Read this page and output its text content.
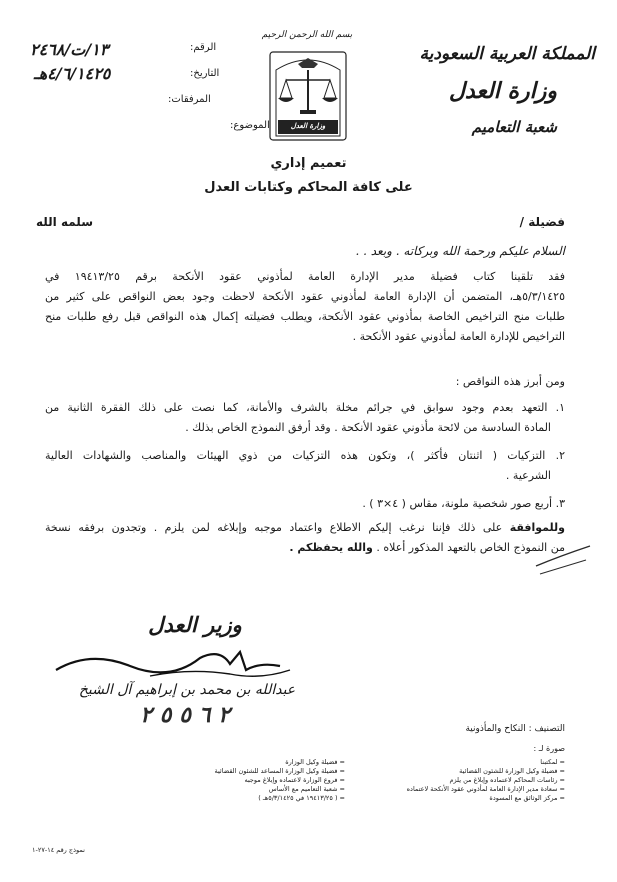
بسم الله الرحمن الرحيم

المملكة العربية السعودية

وزارة العدل

شعبة التعاميم

وزارة العدل

الرقم:

١٣/ت/٢٤٦٨

التاريخ:

٤/٦/١٤٢٥هـ

المرفقات:

الموضوع:

تعميم إداري

على كافة المحاكم وكتابات العدل

فضيلة /

سلمه الله

السلام عليكم ورحمة الله وبركاته . وبعد . .

فقد تلقينا كتاب فضيلة مدير الإدارة العامة لمأذوني عقود الأنكحة برقم ١٩٤١٣/٢٥ في
٥/٣/١٤٢٥هـ، المتضمن أن الإدارة العامة لمأذوني عقود الأنكحة لاحظت وجود بعض النواقص على كثير من
طلبات منح التراخيص الخاصة بمأذوني عقود الأنكحة، ويطلب فضيلته إكمال هذه النواقص قبل رفع طلبات منح
التراخيص للإدارة العامة لمأذوني عقود الأنكحة .

ومن أبرز هذه النواقص :

١. التعهد بعدم وجود سوابق في جرائم مخلة بالشرف والأمانة، كما نصت على ذلك الفقرة الثانية من
المادة السادسة من لائحة مأذوني عقود الأنكحة . وقد أرفق النموذج الخاص بذلك .
٢. التزكيات ( اثنتان فأكثر )، وتكون هذه التزكيات من ذوي الهيئات والمناصب والشهادات العالية
الشرعية .
٣. أربع صور شخصية ملونة، مقاس ( ٤×٣ ) .
وللموافقة على ذلك فإننا نرغب إليكم الاطلاع واعتماد موجبه وإبلاغه لمن يلزم . وتجدون برفقه نسخة
من النموذج الخاص بالتعهد المذكور أعلاه . والله يحفظكم .

وزير العدل

عبدالله بن محمد بن إبراهيم آل الشيخ

٢ ٦ ٥ ٥ ٢

التصنيف : النكاح والمأذونية

صورة لـ :

= لمكتبنا
= فضيلة وكيل الوزارة للشئون القضائية
= رئاسات المحاكم لاعتماده وإبلاغ من يلزم
= سعادة مدير الإدارة العامة لمأذوني عقود الأنكحة لاعتماده
= مركز الوثائق مع المسودة
= فضيلة وكيل الوزارة
= فضيلة وكيل الوزارة المساعد للشئون القضائية
= فروع الوزارة لاعتماده وإبلاغ موجبه
= شعبة التعاميم مع الأساس
= ( ١٩٤١٣/٢٥ في ٥/٣/١٤٢٥هـ )

نموذج رقم ١٤-٢٧-١
